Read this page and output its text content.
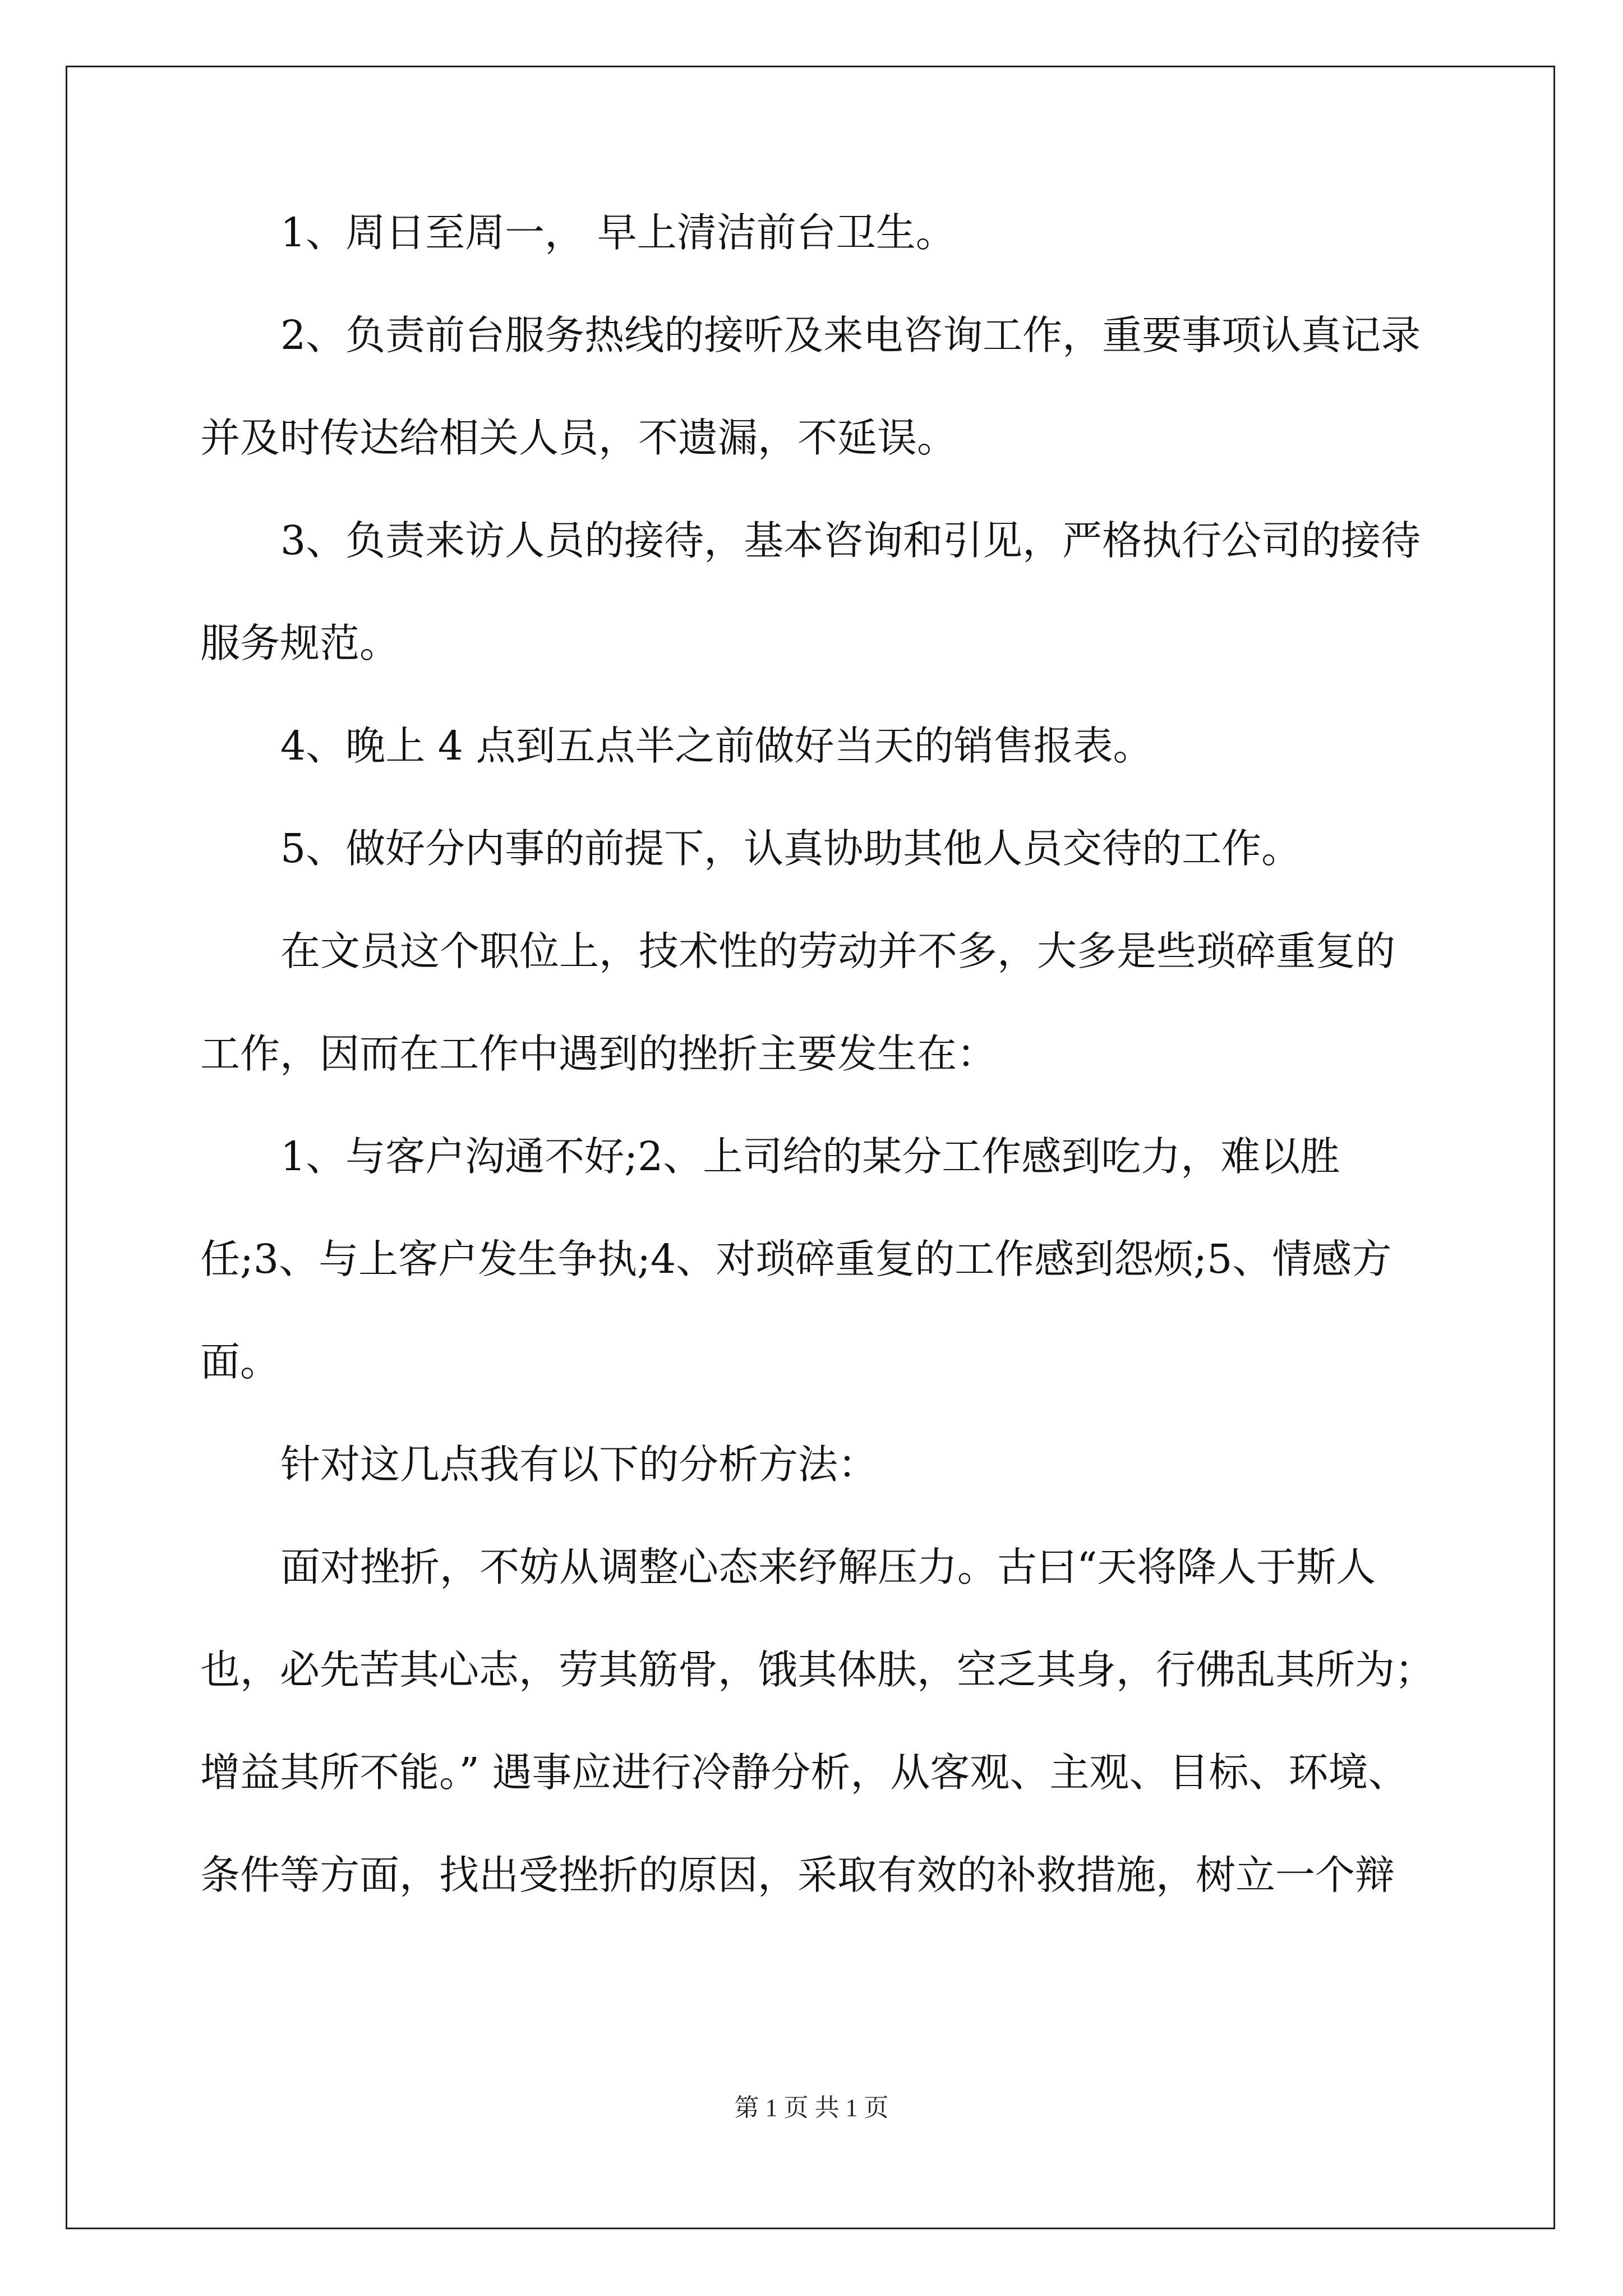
1、周日至周一， 早上清洁前台卫生。
2、负责前台服务热线的接听及来电咨询工作，重要事项认真记录
并及时传达给相关人员，不遗漏，不延误。
3、负责来访人员的接待，基本咨询和引见，严格执行公司的接待
服务规范。
4、晚上 4 点到五点半之前做好当天的销售报表。
5、做好分内事的前提下，认真协助其他人员交待的工作。
在文员这个职位上，技术性的劳动并不多，大多是些琐碎重复的
工作，因而在工作中遇到的挫折主要发生在：
1、与客户沟通不好;2、上司给的某分工作感到吃力，难以胜
任;3、与上客户发生争执;4、对琐碎重复的工作感到怨烦;5、情感方
面。
针对这几点我有以下的分析方法：
面对挫折，不妨从调整心态来纾解压力。古曰“天将降人于斯人
也，必先苦其心志，劳其筋骨，饿其体肤，空乏其身，行佛乱其所为；
增益其所不能。” 遇事应进行冷静分析，从客观、主观、目标、环境、
条件等方面，找出受挫折的原因，采取有效的补救措施，树立一个辩
第 1 页 共 1 页
